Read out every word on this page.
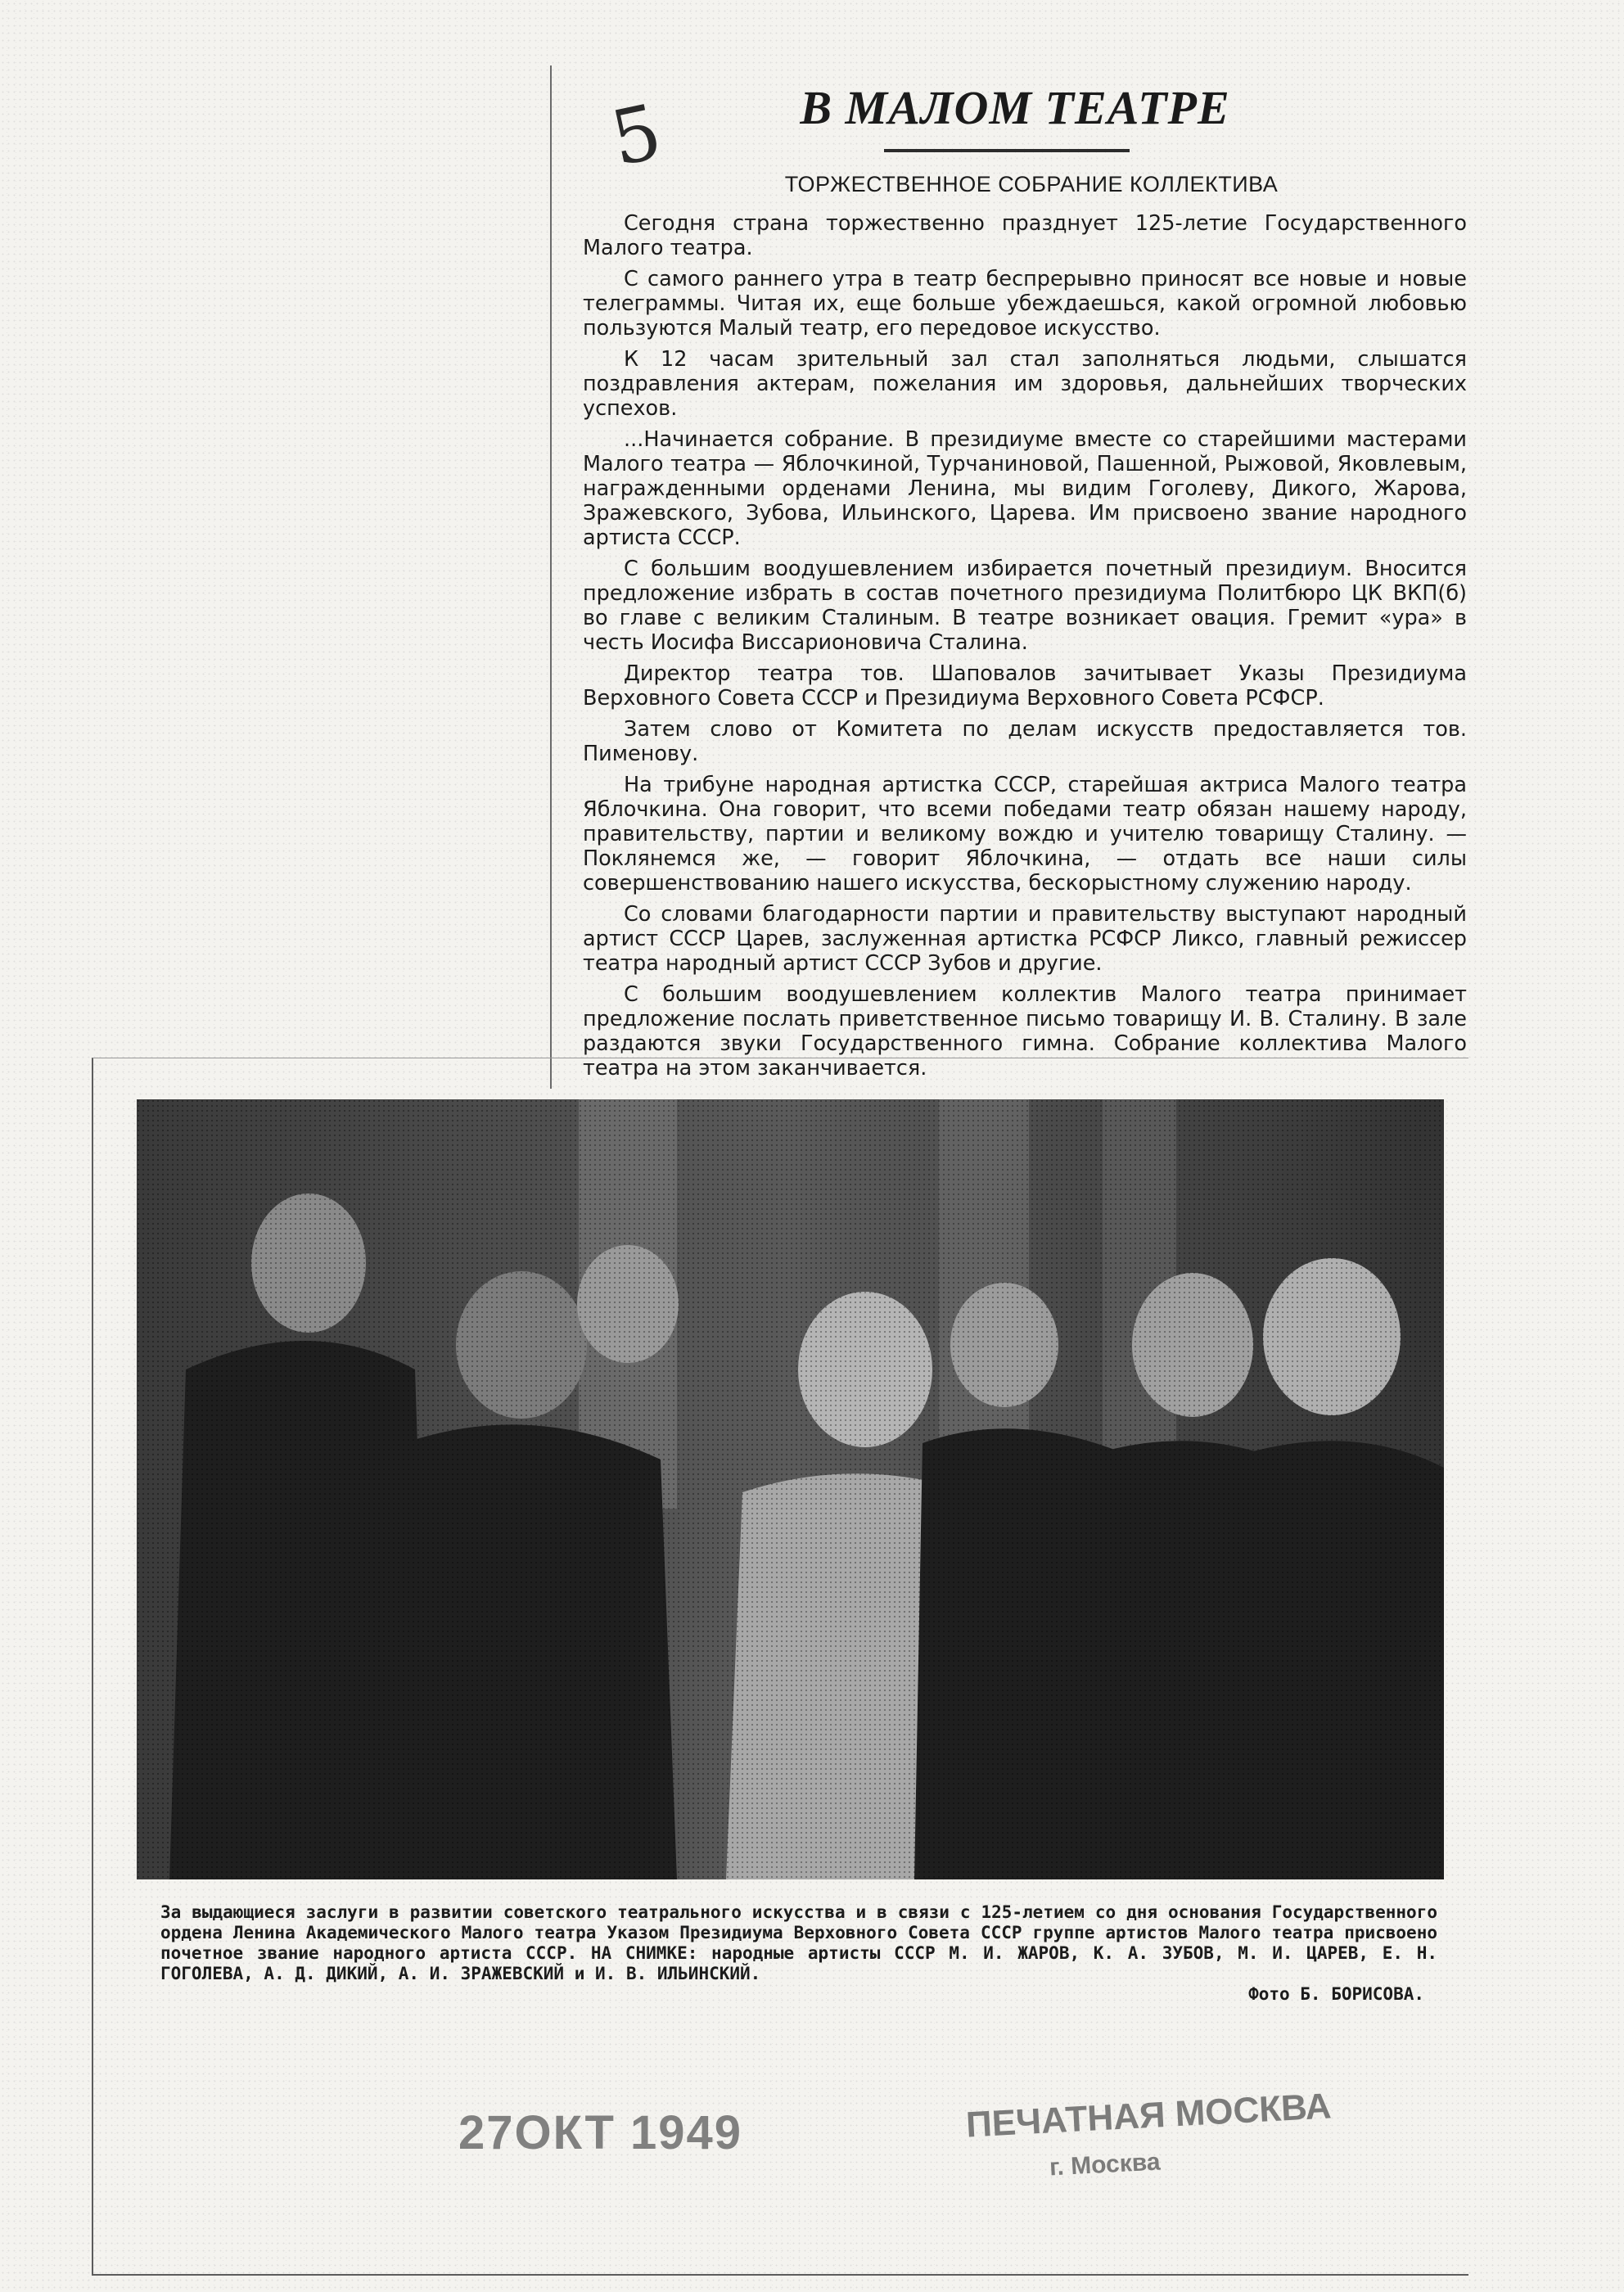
5	В МАЛОМ ТЕАТРЕ
ТОРЖЕСТВЕННОЕ СОБРАНИЕ КОЛЛЕКТИВА

Сегодня страна торжественно празднует 125-летие Государственного Малого театра.

С самого раннего утра в театр беспрерывно приносят все новые и новые телеграммы. Читая их, еще больше убеждаешься, какой огромной любовью пользуются Малый театр, его передовое искусство.

К 12 часам зрительный зал стал заполняться людьми, слышатся поздравления актерам, пожелания им здоровья, дальнейших творческих успехов.

...Начинается собрание. В президиуме вместе со старейшими мастерами Малого театра — Яблочкиной, Турчаниновой, Пашенной, Рыжовой, Яковлевым, награжденными орденами Ленина, мы видим Гоголеву, Дикого, Жарова, Зражевского, Зубова, Ильинского, Царева. Им присвоено звание народного артиста СССР.

С большим воодушевлением избирается почетный президиум. Вносится предложение избрать в состав почетного президиума Политбюро ЦК ВКП(б) во главе с великим Сталиным. В театре возникает овация. Гремит «ура» в честь Иосифа Виссарионовича Сталина.

Директор театра тов. Шаповалов зачитывает Указы Президиума Верховного Совета СССР и Президиума Верховного Совета РСФСР.

Затем слово от Комитета по делам искусств предоставляется тов. Пименову.

На трибуне народная артистка СССР, старейшая актриса Малого театра Яблочкина. Она говорит, что всеми победами театр обязан нашему народу, правительству, партии и великому вождю и учителю товарищу Сталину. — Поклянемся же, — говорит Яблочкина, — отдать все наши силы совершенствованию нашего искусства, бескорыстному служению народу.

Со словами благодарности партии и правительству выступают народный артист СССР Царев, заслуженная артистка РСФСР Ликсо, главный режиссер театра народный артист СССР Зубов и другие.

С большим воодушевлением коллектив Малого театра принимает предложение послать приветственное письмо товарищу И. В. Сталину. В зале раздаются звуки Государственного гимна. Собрание коллектива Малого театра на этом заканчивается.

За выдающиеся заслуги в развитии советского театрального искусства и в связи с 125-летием со дня основания Государственного ордена Ленина Академического Малого театра Указом Президиума Верховного Совета СССР группе артистов Малого театра присвоено почетное звание народного артиста СССР. НА СНИМКЕ: народные артисты СССР М. И. ЖАРОВ, К. А. ЗУБОВ, М. И. ЦАРЕВ, Е. Н. ГОГОЛЕВА, А. Д. ДИКИЙ, А. И. ЗРАЖЕВСКИЙ и И. В. ИЛЬИНСКИЙ.
Фото Б. БОРИСОВА.
27ОКТ 1949	ПЕЧАТНАЯ МОСКВА
г. Москва
